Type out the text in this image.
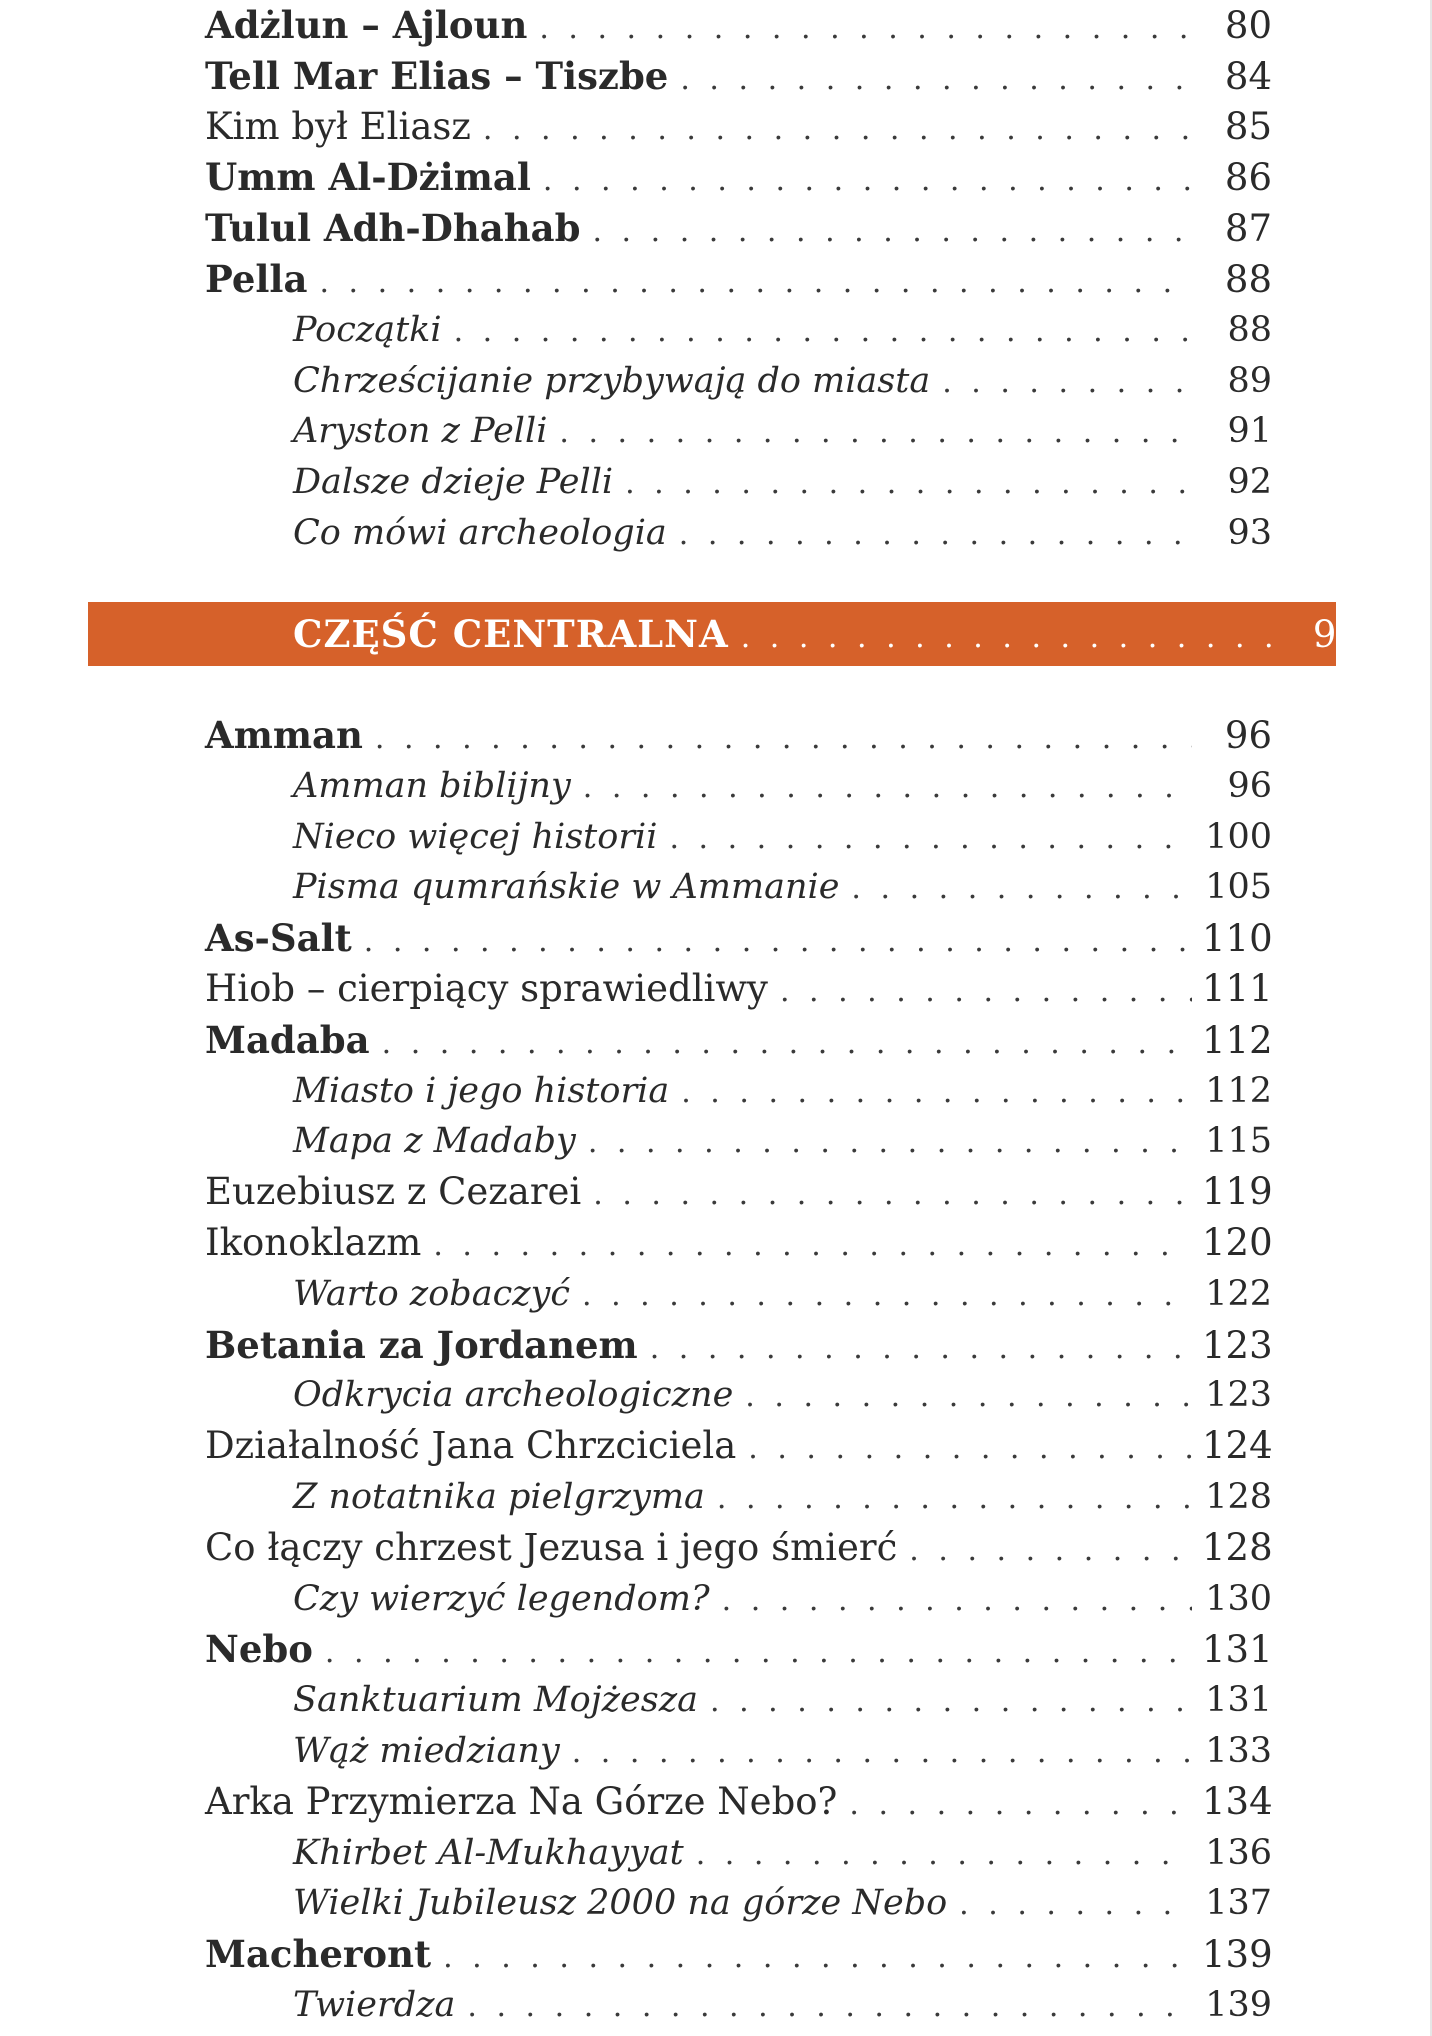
Adżlun – Ajloun . . .	80
Tell Mar Elias – Tiszbe . . .	84
Kim był Eliasz . . .	85
Umm Al-Dżimal . . .	86
Tulul Adh-Dhahab . . .	87
Pella . . .	88
Początki . . .	88
Chrześcijanie przybywają do miasta . . .	89
Aryston z Pelli . . .	91
Dalsze dzieje Pelli . . .	92
Co mówi archeologia . . .	93
CZĘŚĆ CENTRALNA . . .	94
Amman . . .	96
Amman biblijny . . .	96
Nieco więcej historii . . .	100
Pisma qumrańskie w Ammanie . . .	105
As-Salt . . .	110
Hiob – cierpiący sprawiedliwy . . .	111
Madaba . . .	112
Miasto i jego historia . . .	112
Mapa z Madaby . . .	115
Euzebiusz z Cezarei . . .	119
Ikonoklazm . . .	120
Warto zobaczyć . . .	122
Betania za Jordanem . . .	123
Odkrycia archeologiczne . . .	123
Działalność Jana Chrzciciela . . .	124
Z notatnika pielgrzyma . . .	128
Co łączy chrzest Jezusa i jego śmierć . . .	128
Czy wierzyć legendom? . . .	130
Nebo . . .	131
Sanktuarium Mojżesza . . .	131
Wąż miedziany . . .	133
Arka Przymierza Na Górze Nebo? . . .	134
Khirbet Al-Mukhayyat . . .	136
Wielki Jubileusz 2000 na górze Nebo . . .	137
Macheront . . .	139
Twierdza . . .	139
